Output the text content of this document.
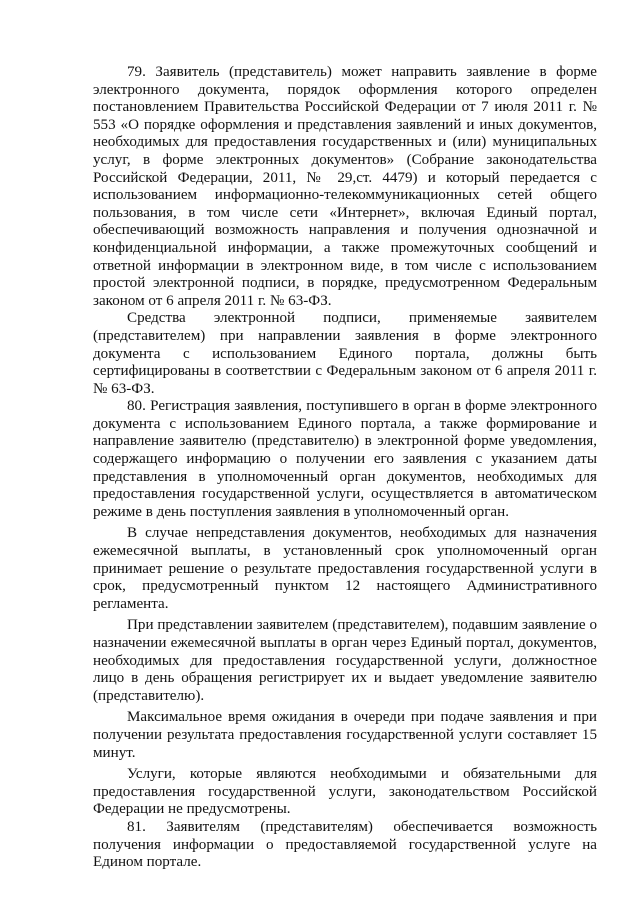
79. Заявитель (представитель) может направить заявление в форме электронного документа, порядок оформления которого определен постановлением Правительства Российской Федерации от 7 июля 2011 г. № 553 «О порядке оформления и представления заявлений и иных документов, необходимых для предоставления государственных и (или) муниципальных услуг, в форме электронных документов» (Собрание законодательства Российской Федерации, 2011, № 29,ст. 4479) и который передается с использованием информационно-телекоммуникационных сетей общего пользования, в том числе сети «Интернет», включая Единый портал, обеспечивающий возможность направления и получения однозначной и конфиденциальной информации, а также промежуточных сообщений и ответной информации в электронном виде, в том числе с использованием простой электронной подписи, в порядке, предусмотренном Федеральным законом от 6 апреля 2011 г. № 63-ФЗ.

Средства электронной подписи, применяемые заявителем (представителем) при направлении заявления в форме электронного документа с использованием Единого портала, должны быть сертифицированы в соответствии с Федеральным законом от 6 апреля 2011 г. № 63-ФЗ.

80. Регистрация заявления, поступившего в орган в форме электронного документа с использованием Единого портала, а также формирование и направление заявителю (представителю) в электронной форме уведомления, содержащего информацию о получении его заявления с указанием даты представления в уполномоченный орган документов, необходимых для предоставления государственной услуги, осуществляется в автоматическом режиме в день поступления заявления в уполномоченный орган.

В случае непредставления документов, необходимых для назначения ежемесячной выплаты, в установленный срок уполномоченный орган принимает решение о результате предоставления государственной услуги в срок, предусмотренный пунктом 12 настоящего Административного регламента.

При представлении заявителем (представителем), подавшим заявление о назначении ежемесячной выплаты в орган через Единый портал, документов, необходимых для предоставления государственной услуги, должностное лицо в день обращения регистрирует их и выдает уведомление заявителю (представителю).

Максимальное время ожидания в очереди при подаче заявления и при получении результата предоставления государственной услуги составляет 15 минут.

Услуги, которые являются необходимыми и обязательными для предоставления государственной услуги, законодательством Российской Федерации не предусмотрены.

81. Заявителям (представителям) обеспечивается возможность получения информации о предоставляемой государственной услуге на Едином портале.
